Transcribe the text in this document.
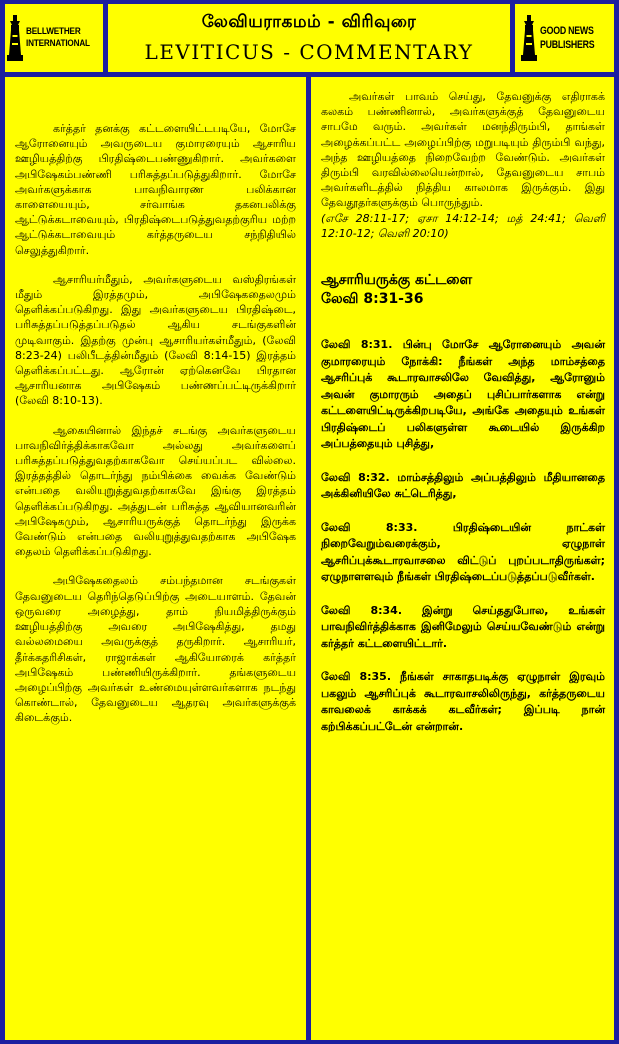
BELLWETHER
INTERNATIONAL
லேவியராகமம் - விரிவுரை
LEVITICUS - COMMENTARY
GOOD NEWS
PUBLISHERS

கர்த்தர் தனக்கு கட்டளையிட்டபடியே, மோசே ஆரோனையும் அவருடைய குமாரரையும் ஆசாரிய ஊழியத்திற்கு பிரதிஷ்டைபண்ணுகிறார். அவர்களை அபிஷேகம்பண்ணி பரிசுத்தப்படுத்துகிறார். மோசே அவர்களுக்காக பாவநிவாரண பலிக்கான காளையையும், சர்வாங்க தகனபலிக்கு ஆட்டுக்கடாவையும், பிரதிஷ்டைபடுத்துவதற்குரிய மற்ற ஆட்டுக்கடாவையும் கர்த்தருடைய சந்நிதியில் செலுத்துகிறார்.

ஆசாரியர்மீதும், அவர்களுடைய வஸ்திரங்கள் மீதும் இரத்தமும், அபிஷேகதைலமும் தெளிக்கப்படுகிறது. இது அவர்களுடைய பிரதிஷ்டை, பரிசுத்தப்படுத்தப்படுதல் ஆகிய சடங்குகளின் முடிவாகும். இதற்கு முன்பு ஆசாரியர்கள்மீதும், (லேவி 8:23-24) பலிபீடத்தின்மீதும் (லேவி 8:14-15) இரத்தம் தெளிக்கப்பட்டது. ஆரோன் ஏற்கெனவே பிரதான ஆசாரியனாக அபிஷேகம் பண்ணப்பட்டிருக்கிறார் (லேவி 8:10-13).

ஆகையினால் இந்தச் சடங்கு அவர்களுடைய பாவநிவிர்த்திக்காகவோ அல்லது அவர்களைப் பரிசுத்தப்படுத்துவதற்காகவோ செய்யப்பட வில்லை. இரத்தத்தில் தொடர்ந்து நம்பிக்கை வைக்க வேண்டும் என்பதை வலியுறுத்துவதற்காகவே இங்கு இரத்தம் தெளிக்கப்படுகிறது. அத்துடன் பரிசுத்த ஆவியானவரின் அபிஷேகமும், ஆசாரியருக்குத் தொடர்ந்து இருக்க வேண்டும் என்பதை வலியுறுத்துவதற்காக அபிஷேக தைலம் தெளிக்கப்படுகிறது.

அபிஷேகதைலம் சம்பந்தமான சடங்குகள் தேவனுடைய தெரிந்தெடுப்பிற்கு அடையாளம். தேவன் ஒருவரை அழைத்து, தாம் நியமித்திருக்கும் ஊழியத்திற்கு அவரை அபிஷேகித்து, தமது வல்லமையை அவருக்குத் தருகிறார். ஆசாரியர், தீர்க்கதரிசிகள், ராஜாக்கள் ஆகியோரைக் கர்த்தர் அபிஷேகம் பண்ணியிருக்கிறார். தங்களுடைய அழைப்பிற்கு அவர்கள் உண்மையுள்ளவர்களாக நடந்து கொண்டால், தேவனுடைய ஆதரவு அவர்களுக்குக் கிடைக்கும்.

அவர்கள் பாவம் செய்து, தேவனுக்கு எதிராகக் கலகம் பண்ணினால், அவர்களுக்குத் தேவனுடைய சாபமே வரும். அவர்கள் மனந்திரும்பி, தாங்கள் அழைக்கப்பட்ட அழைப்பிற்கு மறுபடியும் திரும்பி வந்து, அந்த ஊழியத்தை நிறைவேற்ற வேண்டும். அவர்கள் திரும்பி வரவில்லையென்றால், தேவனுடைய சாபம் அவர்களிடத்தில் நித்திய காலமாக இருக்கும். இது தேவதூதர்களுக்கும் பொருந்தும்.

(எசே 28:11-17; ஏசா 14:12-14; மத் 24:41; வெளி 12:10-12; வெளி 20:10)

ஆசாரியருக்கு கட்டளை
லேவி 8:31-36
லேவி 8:31. பின்பு மோசே ஆரோனையும் அவன் குமாரரையும் நோக்கி: நீங்கள் அந்த மாம்சத்தை ஆசரிப்புக் கூடாரவாசலிலே வேவித்து, ஆரோனும் அவன் குமாரரும் அதைப் புசிப்பார்களாக என்று கட்டளையிட்டிருக்கிறபடியே, அங்கே அதையும் உங்கள் பிரதிஷ்டைப் பலிகளுள்ள கூடையில் இருக்கிற அப்பத்தையும் புசித்து,
லேவி 8:32. மாம்சத்திலும் அப்பத்திலும் மீதியானதை அக்கினியிலே சுட்டெரித்து,
லேவி 8:33. பிரதிஷ்டையின் நாட்கள் நிறைவேறும்வரைக்கும், ஏழுநாள் ஆசரிப்புக்கூடாரவாசலை விட்டுப் புறப்படாதிருங்கள்; ஏழுநாளளவும் நீங்கள் பிரதிஷ்டைப்படுத்தப்படுவீர்கள்.
லேவி 8:34. இன்று செய்ததுபோல, உங்கள் பாவநிவிர்த்திக்காக இனிமேலும் செய்யவேண்டும் என்று கர்த்தர் கட்டளையிட்டார்.
லேவி 8:35. நீங்கள் சாகாதபடிக்கு ஏழுநாள் இரவும் பகலும் ஆசரிப்புக் கூடாரவாசலிலிருந்து, கர்த்தருடைய காவலைக் காக்கக் கடவீர்கள்; இப்படி நான் கற்பிக்கப்பட்டேன் என்றான்.
